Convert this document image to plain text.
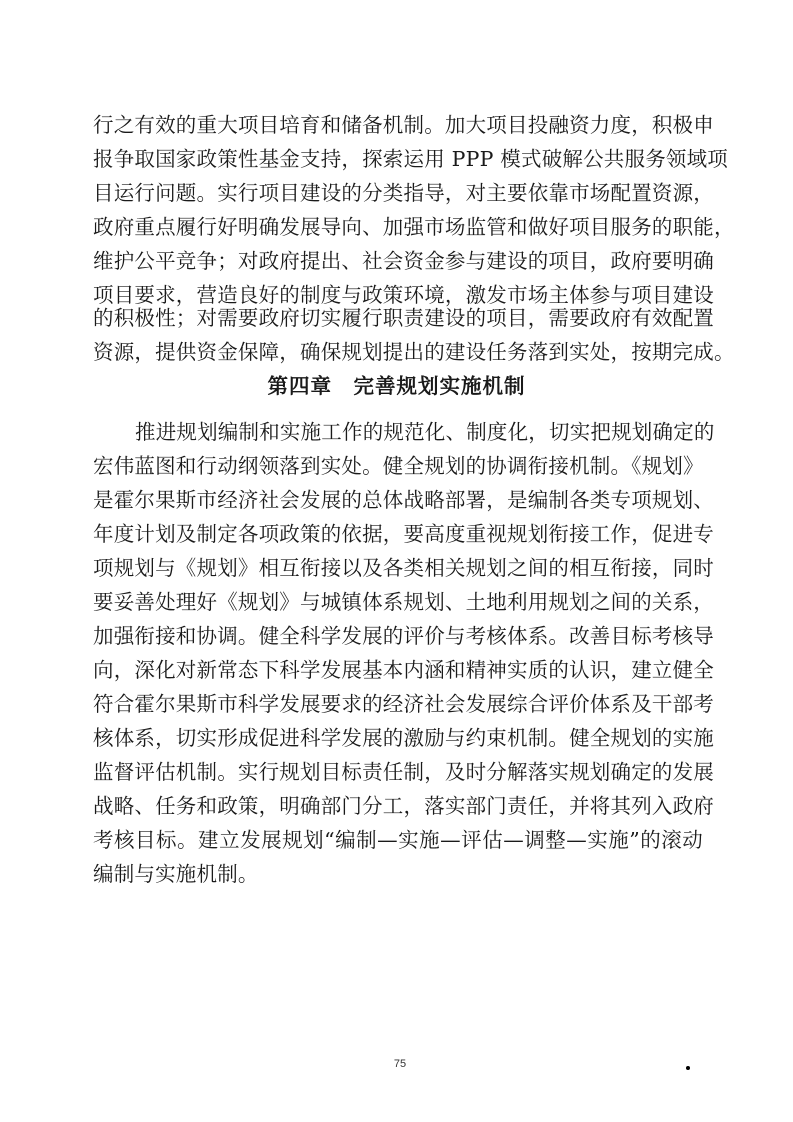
行之有效的重大项目培育和储备机制。加大项目投融资力度，积极申
报争取国家政策性基金支持，探索运用 PPP 模式破解公共服务领域项
目运行问题。实行项目建设的分类指导，对主要依靠市场配置资源，
政府重点履行好明确发展导向、加强市场监管和做好项目服务的职能，
维护公平竞争；对政府提出、社会资金参与建设的项目，政府要明确
项目要求，营造良好的制度与政策环境，激发市场主体参与项目建设
的积极性；对需要政府切实履行职责建设的项目，需要政府有效配置
资源，提供资金保障，确保规划提出的建设任务落到实处，按期完成。
第四章　完善规划实施机制
推进规划编制和实施工作的规范化、制度化，切实把规划确定的
宏伟蓝图和行动纲领落到实处。健全规划的协调衔接机制。《规划》
是霍尔果斯市经济社会发展的总体战略部署，是编制各类专项规划、
年度计划及制定各项政策的依据，要高度重视规划衔接工作，促进专
项规划与《规划》相互衔接以及各类相关规划之间的相互衔接，同时
要妥善处理好《规划》与城镇体系规划、土地利用规划之间的关系，
加强衔接和协调。健全科学发展的评价与考核体系。改善目标考核导
向，深化对新常态下科学发展基本内涵和精神实质的认识，建立健全
符合霍尔果斯市科学发展要求的经济社会发展综合评价体系及干部考
核体系，切实形成促进科学发展的激励与约束机制。健全规划的实施
监督评估机制。实行规划目标责任制，及时分解落实规划确定的发展
战略、任务和政策，明确部门分工，落实部门责任，并将其列入政府
考核目标。建立发展规划“编制—实施—评估—调整—实施”的滚动
编制与实施机制。
75
